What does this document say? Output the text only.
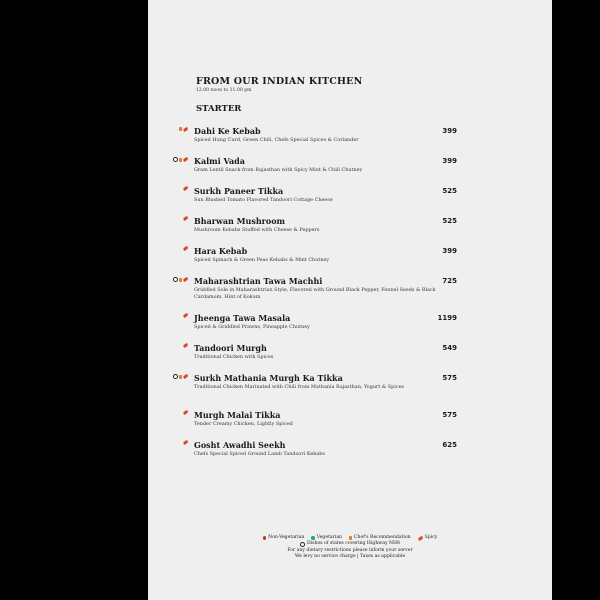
FROM OUR INDIAN KITCHEN
12.00 noon to 11.00 pm
STARTER
Dahi Ke Kebab
Spiced Hung Curd, Green Chili, Chefs Special Spices & Coriander
399
Kalmi Vada
Gram Lentil Snack from Rajasthan with Spicy Mint & Chili Chutney
399
Surkh Paneer Tikka
Sun Blushed Tomato Flavored Tandoori Cottage Cheese
525
Bharwan Mushroom
Mushroom Kebabs Stuffed with Cheese & Peppers
525
Hara Kebab
Spiced Spinach & Green Peas Kebabs & Mint Chutney
399
Maharashtrian Tawa Machhi
Griddled Sole in Maharashtrian Style, Flavored with Ground Black Pepper, Fennel Seeds & Black Cardamom, Hint of Kokum
725
Jheenga Tawa Masala
Spiced & Griddled Prawns, Pineapple Chutney
1199
Tandoori Murgh
Traditional Chicken with Spices
549
Surkh Mathania Murgh Ka Tikka
Traditional Chicken Marinated with Chili from Mathania Rajasthan, Yogurt & Spices
575
Murgh Malai Tikka
Tender Creamy Chicken, Lightly Spiced
575
Gosht Awadhi Seekh
Chefs Special Spiced Ground Lamb Tandoori Kebabs
625
Non-Vegetarian	Vegetarian	Chef's Recommendation	Spicy
Dishes of states covering Highway NH8
For any dietary restrictions please inform your server
We levy no service charge | Taxes as applicable
